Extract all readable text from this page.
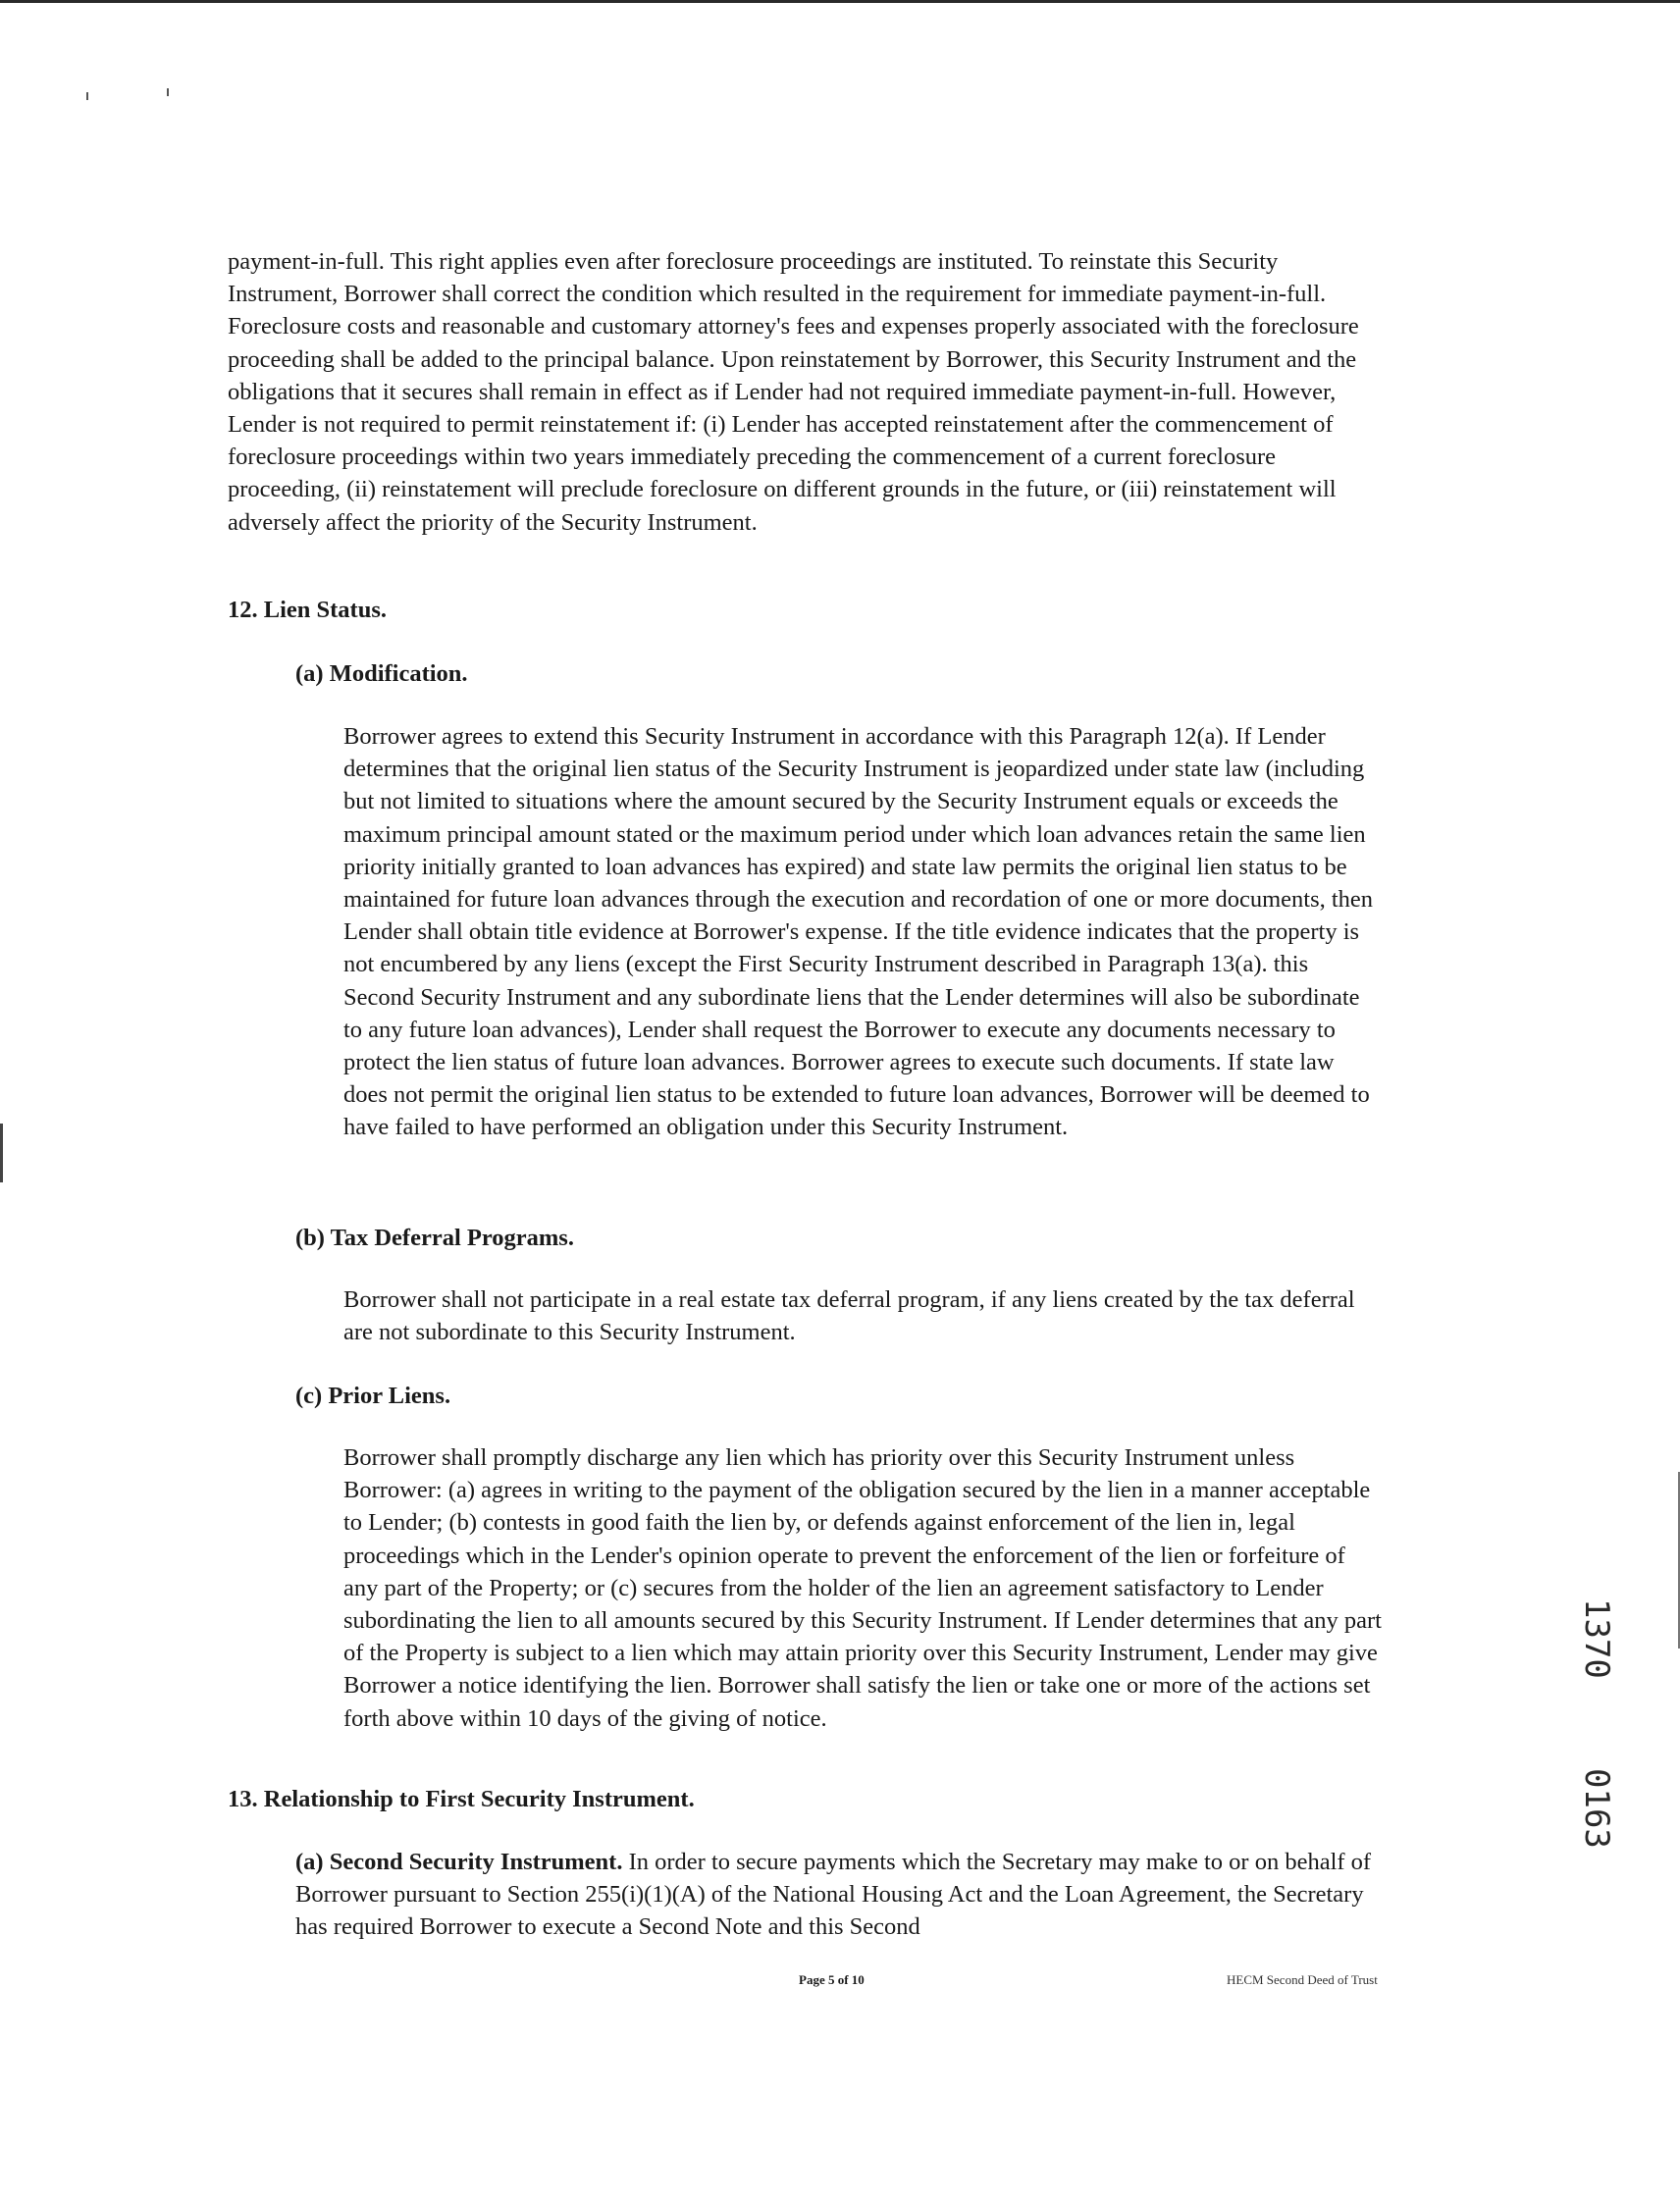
payment-in-full. This right applies even after foreclosure proceedings are instituted. To reinstate this Security Instrument, Borrower shall correct the condition which resulted in the requirement for immediate payment-in-full. Foreclosure costs and reasonable and customary attorney's fees and expenses properly associated with the foreclosure proceeding shall be added to the principal balance. Upon reinstatement by Borrower, this Security Instrument and the obligations that it secures shall remain in effect as if Lender had not required immediate payment-in-full. However, Lender is not required to permit reinstatement if: (i) Lender has accepted reinstatement after the commencement of foreclosure proceedings within two years immediately preceding the commencement of a current foreclosure proceeding, (ii) reinstatement will preclude foreclosure on different grounds in the future, or (iii) reinstatement will adversely affect the priority of the Security Instrument.

12. Lien Status.
(a) Modification.

Borrower agrees to extend this Security Instrument in accordance with this Paragraph 12(a). If Lender determines that the original lien status of the Security Instrument is jeopardized under state law (including but not limited to situations where the amount secured by the Security Instrument equals or exceeds the maximum principal amount stated or the maximum period under which loan advances retain the same lien priority initially granted to loan advances has expired) and state law permits the original lien status to be maintained for future loan advances through the execution and recordation of one or more documents, then Lender shall obtain title evidence at Borrower's expense. If the title evidence indicates that the property is not encumbered by any liens (except the First Security Instrument described in Paragraph 13(a). this Second Security Instrument and any subordinate liens that the Lender determines will also be subordinate to any future loan advances), Lender shall request the Borrower to execute any documents necessary to protect the lien status of future loan advances. Borrower agrees to execute such documents. If state law does not permit the original lien status to be extended to future loan advances, Borrower will be deemed to have failed to have performed an obligation under this Security Instrument.

(b) Tax Deferral Programs.

Borrower shall not participate in a real estate tax deferral program, if any liens created by the tax deferral are not subordinate to this Security Instrument.

(c) Prior Liens.

Borrower shall promptly discharge any lien which has priority over this Security Instrument unless Borrower: (a) agrees in writing to the payment of the obligation secured by the lien in a manner acceptable to Lender; (b) contests in good faith the lien by, or defends against enforcement of the lien in, legal proceedings which in the Lender's opinion operate to prevent the enforcement of the lien or forfeiture of any part of the Property; or (c) secures from the holder of the lien an agreement satisfactory to Lender subordinating the lien to all amounts secured by this Security Instrument. If Lender determines that any part of the Property is subject to a lien which may attain priority over this Security Instrument, Lender may give Borrower a notice identifying the lien. Borrower shall satisfy the lien or take one or more of the actions set forth above within 10 days of the giving of notice.

13. Relationship to First Security Instrument.

(a) Second Security Instrument. In order to secure payments which the Secretary may make to or on behalf of Borrower pursuant to Section 255(i)(1)(A) of the National Housing Act and the Loan Agreement, the Secretary has required Borrower to execute a Second Note and this Second

Page 5 of 10	HECM Second Deed of Trust
1370
0163
